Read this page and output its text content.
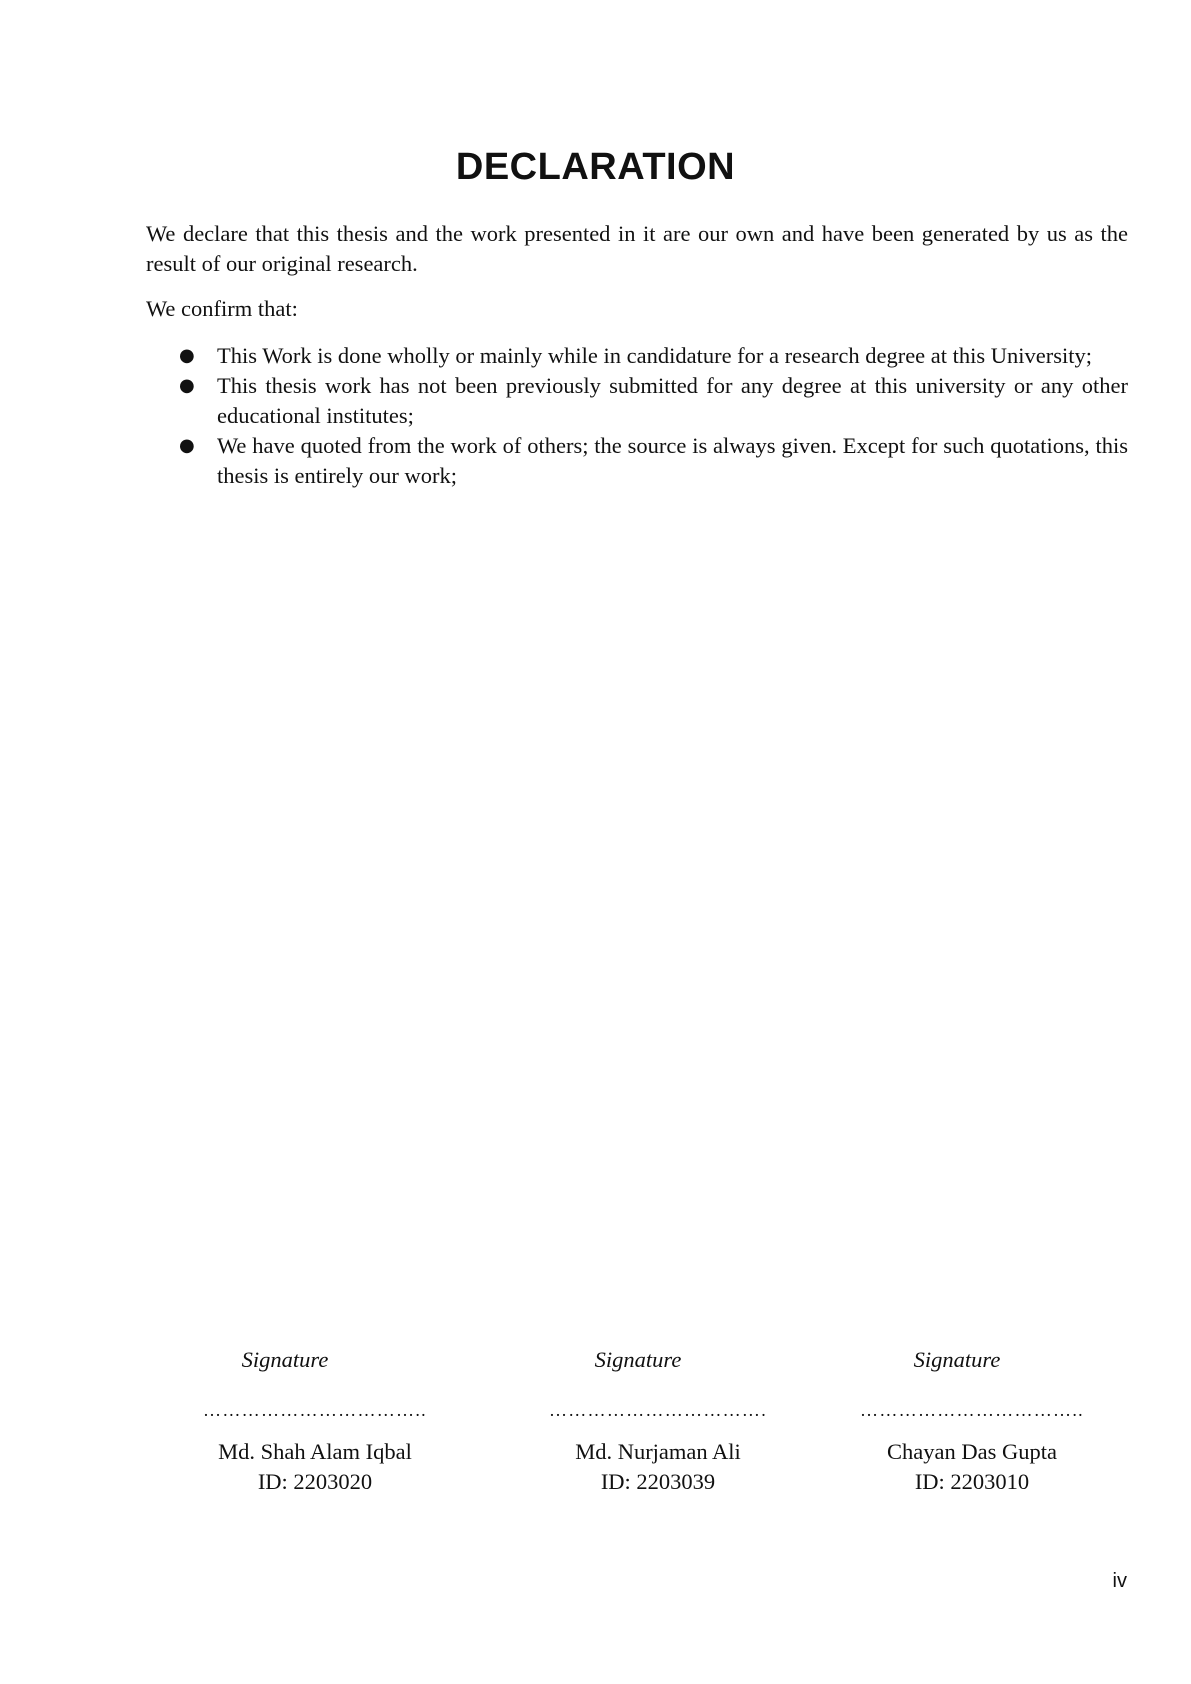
DECLARATION

We declare that this thesis and the work presented in it are our own and have been generated by us as the result of our original research.

We confirm that:

● This Work is done wholly or mainly while in candidature for a research degree at this University;
● This thesis work has not been previously submitted for any degree at this university or any other educational institutes;
● We have quoted from the work of others; the source is always given. Except for such quotations, this thesis is entirely our work;
Signature
……………………………..
Md. Shah Alam Iqbal
ID: 2203020
Signature
…………………………….
Md. Nurjaman Ali
ID: 2203039
Signature
……………………………..
Chayan Das Gupta
ID: 2203010
iv
